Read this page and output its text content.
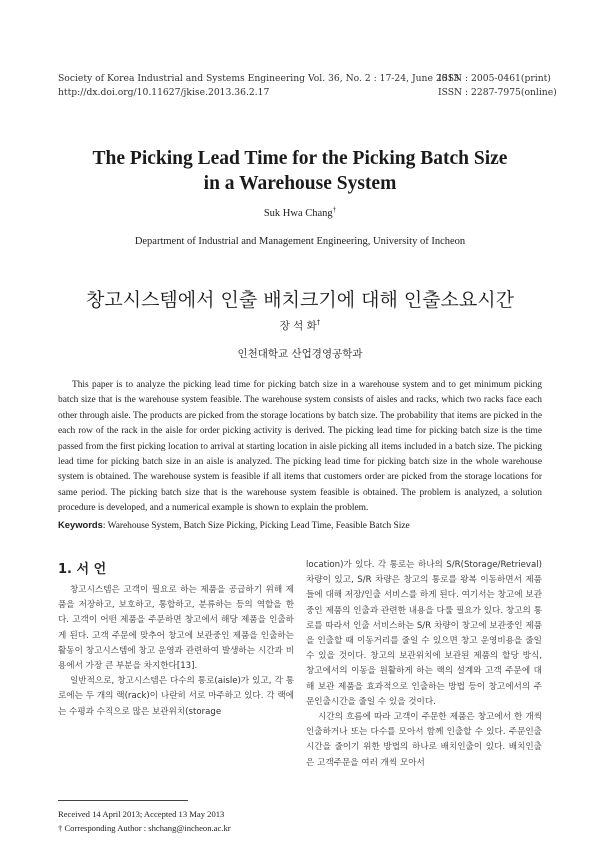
Society of Korea Industrial and Systems Engineering Vol. 36, No. 2 : 17-24, June 2013
http://dx.doi.org/10.11627/jkise.2013.36.2.17
ISSN : 2005-0461(print)
ISSN : 2287-7975(online)
The Picking Lead Time for the Picking Batch Size
in a Warehouse System
Suk Hwa Chang†
Department of Industrial and Management Engineering, University of Incheon
창고시스템에서 인출 배치크기에 대해 인출소요시간
장 석 화†
인천대학교 산업경영공학과
This paper is to analyze the picking lead time for picking batch size in a warehouse system and to get minimum picking batch size that is the warehouse system feasible. The warehouse system consists of aisles and racks, which two racks face each other through aisle. The products are picked from the storage locations by batch size. The probability that items are picked in the each row of the rack in the aisle for order picking activity is derived. The picking lead time for picking batch size is the time passed from the first picking location to arrival at starting location in aisle picking all items included in a batch size. The picking lead time for picking batch size in an aisle is analyzed. The picking lead time for picking batch size in the whole warehouse system is obtained. The warehouse system is feasible if all items that customers order are picked from the storage locations for same period. The picking batch size that is the warehouse system feasible is obtained. The problem is analyzed, a solution procedure is developed, and a numerical example is shown to explain the problem.
Keywords: Warehouse System, Batch Size Picking, Picking Lead Time, Feasible Batch Size
1. 서 언

창고시스템은 고객이 필요로 하는 제품을 공급하기 위해 제품을 저장하고, 보호하고, 통합하고, 분류하는 등의 역할을 한다. 고객이 어떤 제품을 주문하면 창고에서 해당 제품을 인출하게 된다. 고객 주문에 맞추어 창고에 보관중인 제품을 인출하는 활동이 창고시스템에 창고 운영과 관련하여 발생하는 시간과 비용에서 가장 큰 부분을 차지한다[13].

일반적으로, 창고시스템은 다수의 통로(aisle)가 있고, 각 통로에는 두 개의 랙(rack)이 나란히 서로 마주하고 있다. 각 랙에는 수평과 수직으로 많은 보관위치(storage

Received 14 April 2013; Accepted 13 May 2013
† Corresponding Author : shchang@incheon.ac.kr

location)가 있다. 각 통로는 하나의 S/R(Storage/Retrieval) 차량이 있고, S/R 차량은 창고의 통로를 왕복 이동하면서 제품들에 대해 저장/인출 서비스를 하게 된다. 여기서는 창고에 보관중인 제품의 인출과 관련한 내용을 다룰 필요가 있다. 창고의 통로를 따라서 인출 서비스하는 S/R 차량이 창고에 보관중인 제품을 인출할 때 이동거리를 줄일 수 있으면 창고 운영비용을 줄일 수 있을 것이다. 창고의 보관위치에 보관된 제품의 할당 방식, 창고에서의 이동을 원활하게 하는 랙의 설계와 고객 주문에 대해 보관 제품을 효과적으로 인출하는 방법 등이 창고에서의 주문인출시간을 줄일 수 있을 것이다.

시간의 흐름에 따라 고객이 주문한 제품은 창고에서 한 개씩 인출하거나 또는 다수를 모아서 함께 인출할 수 있다. 주문인출시간을 줄이기 위한 방법의 하나로 배치인출이 있다. 배치인출은 고객주문을 여러 개씩 모아서
